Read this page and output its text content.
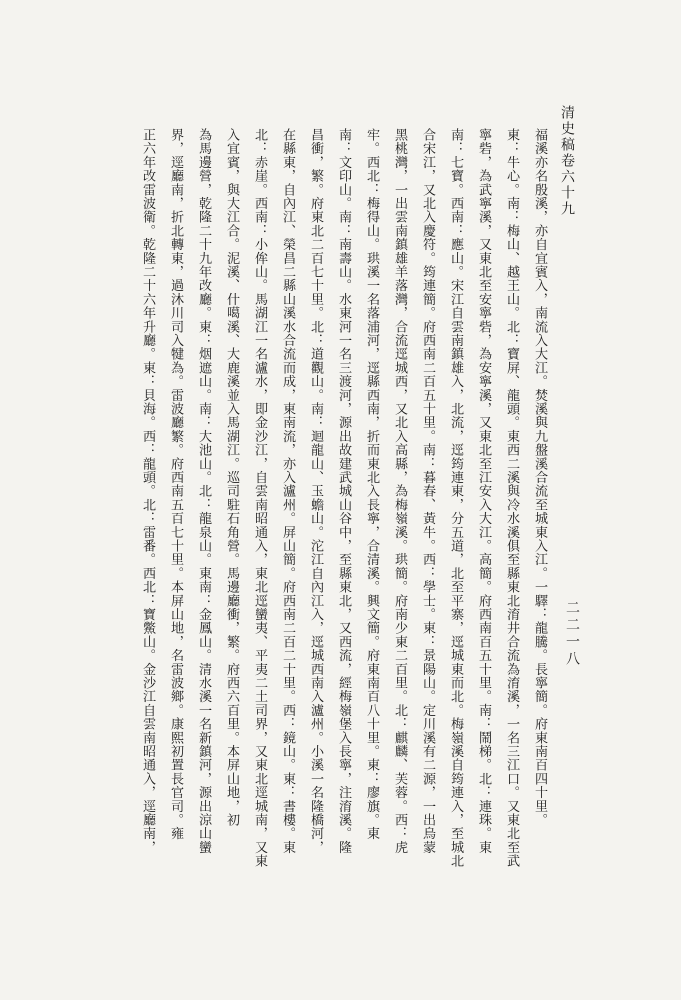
清史稿卷六十九
二二一八
福溪亦名殷溪，亦自宜賓入，南流入大江。焚溪與九盤溪合流至城東入江。一驛：龍騰。長寧簡。府東南百四十里。
東：牛心。南：梅山、越王山。北：寶屏、龍頭。東西二溪與冷水溪俱至縣東北淯井合流為淯溪，一名三江口。又東北至武
寧砦，為武寧溪，又東北至安寧砦，為安寧溪，又東北至江安入大江。高簡。府西南百五十里。南：鬧梯。北：連珠。東
南：七寶。西南：應山。宋江自雲南鎮雄入，北流，逕筠連東，分五道，北至平寨，逕城東而北。梅嶺溪自筠連入，至城北
合宋江，又北入慶符。筠連簡。府西南二百五十里。南：暮春、黃牛。西：學士。東：景陽山。定川溪有二源，一出烏蒙
黑桃灣，一出雲南鎮雄羊落灣，合流逕城西，又北入高縣，為梅嶺溪。珙簡。府南少東二百里。北：麒麟、芙蓉。西：虎
牢。西北：梅得山。珙溪一名落浦河，逕縣西南，折而東北入長寧，合清溪。興文簡。府東南百八十里。東：廖旗。東
南：文印山。南：南壽山。水東河一名三渡河，源出故建武城山谷中，至縣東北，又西流，經梅嶺堡入長寧，注淯溪。隆
昌衝，繁。府東北二百七十里。北：道觀山。南：迴龍山、玉蟾山。沱江自內江入，逕城西南入瀘州。小溪一名隆橋河，
在縣東，自內江、榮昌二縣山溪水合流而成，東南流，亦入瀘州。屏山簡。府西南二百二十里。西：鏡山。東：書樓。東
北：赤崖。西南：小侔山。馬湖江一名瀘水，即金沙江，自雲南昭通入，東北逕蠻夷、平夷二土司界，又東北逕城南，又東
入宜賓，與大江合。泥溪、什噶溪、大鹿溪並入馬湖江。巡司駐石角營。馬邊廳衝，繁。府西六百里。本屏山地，初
為馬邊營，乾隆二十九年改廳。東：烟遮山。南：大池山。北：龍泉山。東南：金鳳山。清水溪一名新鎮河，源出涼山蠻
界，逕廳南，折北轉東，過沐川司入犍為。雷波廳繁。府西南五百七十里。本屏山地，名雷波鄉。康熙初置長官司。雍
正六年改雷波衛。乾隆二十六年升廳。東：貝海。西：龍頭。北：雷番。西北：寶鱉山。金沙江自雲南昭通入，逕廳南，
